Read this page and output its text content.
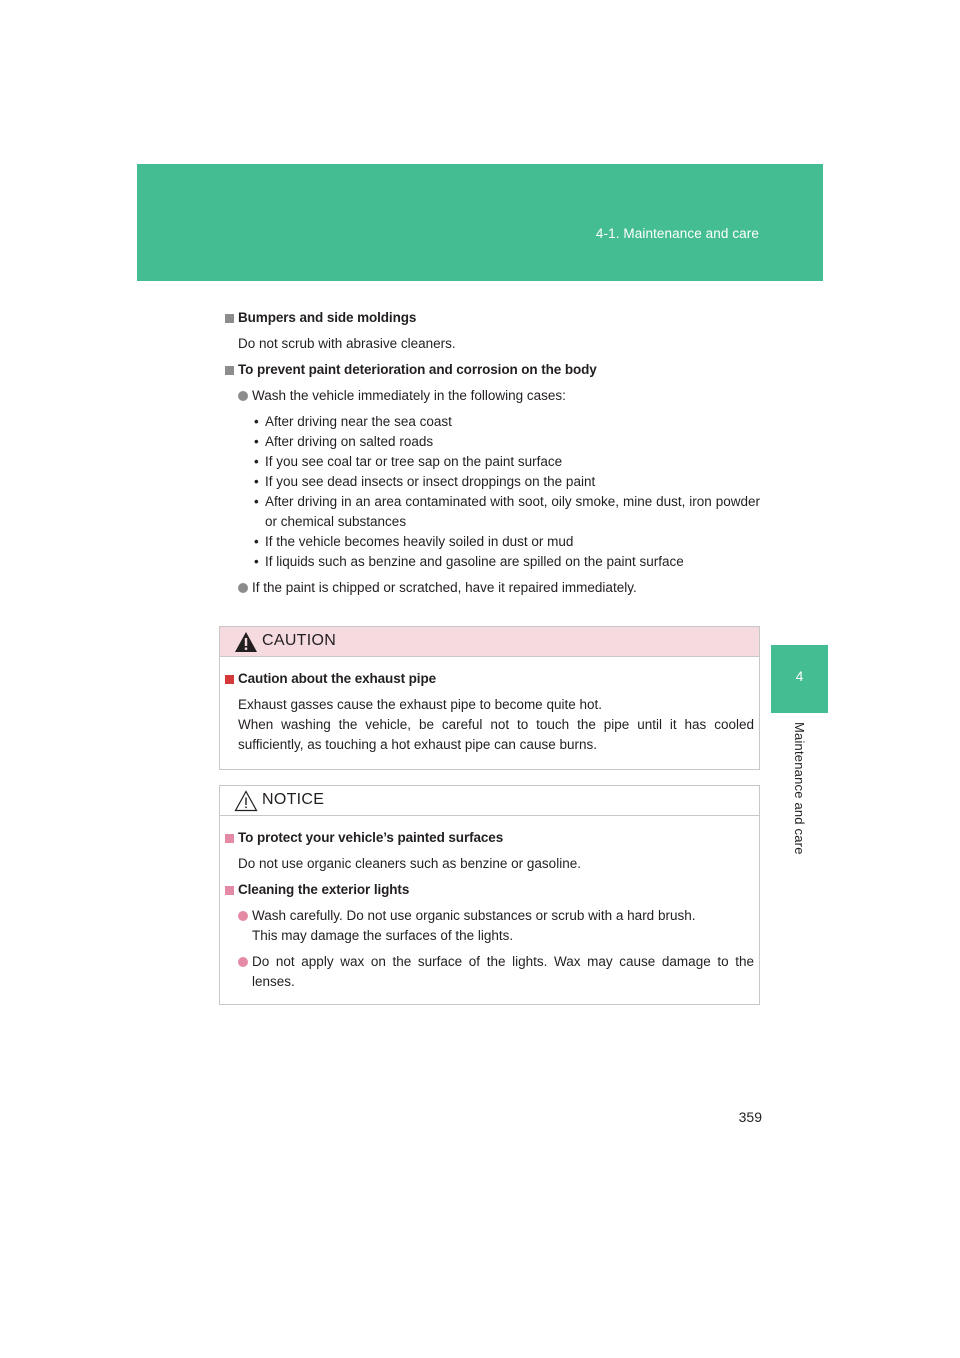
4-1. Maintenance and care
4
Maintenance and care
Bumpers and side moldings
Do not scrub with abrasive cleaners.
To prevent paint deterioration and corrosion on the body
Wash the vehicle immediately in the following cases:
• After driving near the sea coast
• After driving on salted roads
• If you see coal tar or tree sap on the paint surface
• If you see dead insects or insect droppings on the paint
• After driving in an area contaminated with soot, oily smoke, mine dust, iron powder or chemical substances
• If the vehicle becomes heavily soiled in dust or mud
• If liquids such as benzine and gasoline are spilled on the paint surface
If the paint is chipped or scratched, have it repaired immediately.
CAUTION
Caution about the exhaust pipe
Exhaust gasses cause the exhaust pipe to become quite hot.
When washing the vehicle, be careful not to touch the pipe until it has cooled sufficiently, as touching a hot exhaust pipe can cause burns.
NOTICE
To protect your vehicle’s painted surfaces
Do not use organic cleaners such as benzine or gasoline.
Cleaning the exterior lights
Wash carefully. Do not use organic substances or scrub with a hard brush.
This may damage the surfaces of the lights.
Do not apply wax on the surface of the lights. Wax may cause damage to the lenses.
359
